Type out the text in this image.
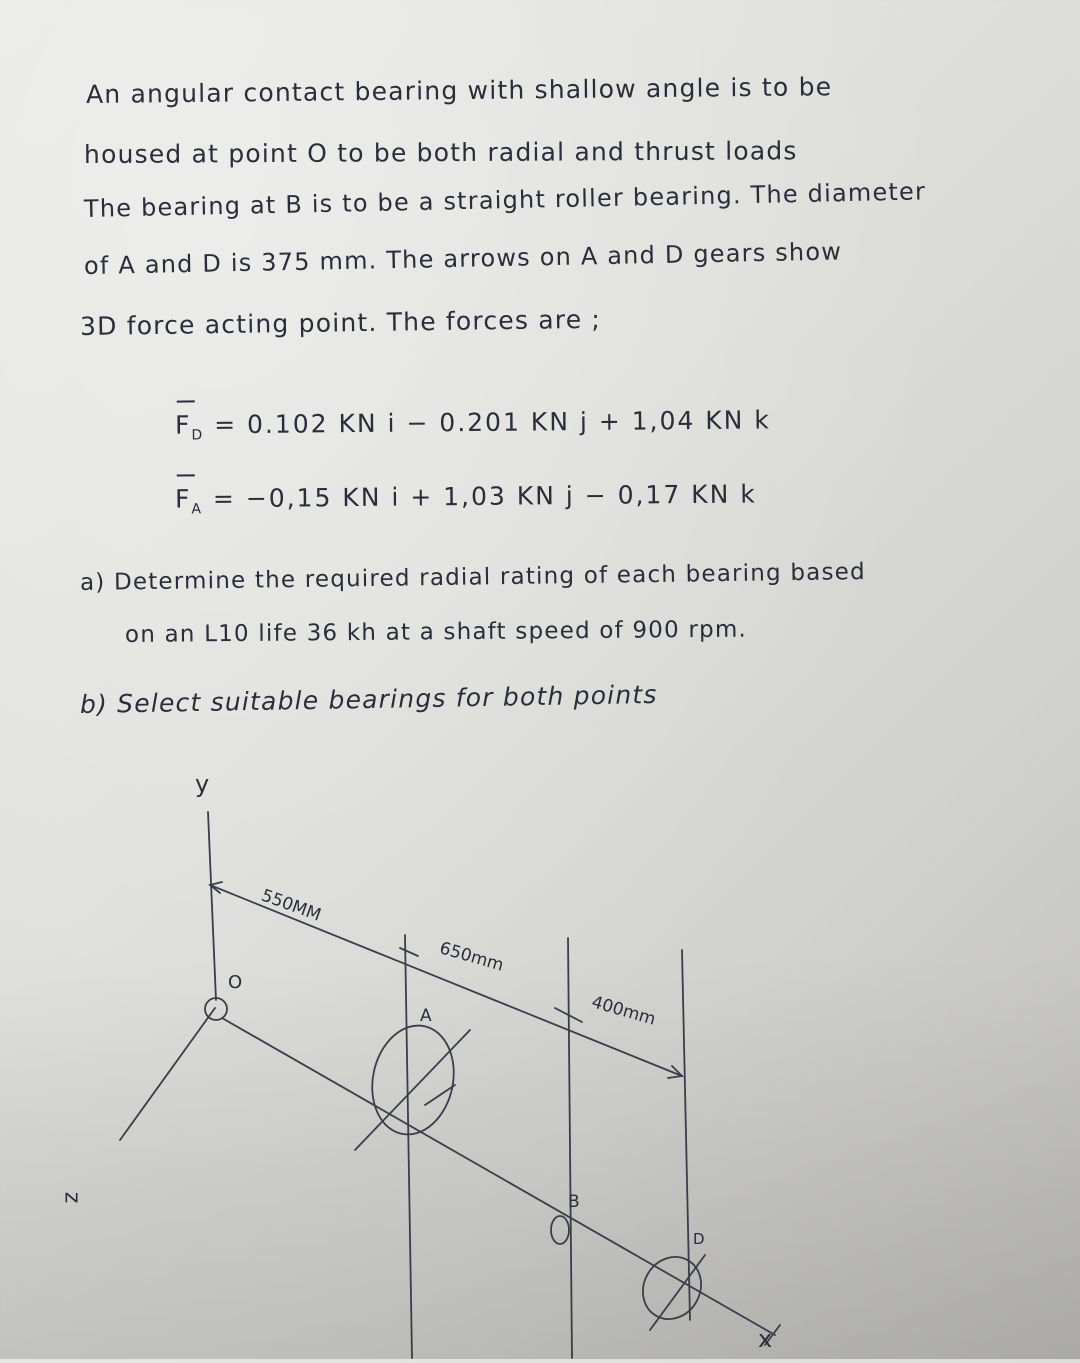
An angular contact bearing with shallow angle is to be

housed at point O to be both radial and thrust loads

The bearing at B is to be a straight roller bearing. The diameter

of A and D is 375 mm. The arrows on A and D gears show

3D force acting point. The forces are ;

$F_D = 0.102$ KN i − 0.201 KN j + 1,04 KN k

$F_A = -0,15$ KN i + 1,03 KN j − 0,17 KN k

a) Determine the required radial rating of each bearing based

on an L10 life 36 kh at a shaft speed of 900 rpm.

b) Select suitable bearings for both points

y
z
x
550MM
650mm
400mm
O
A
B
D
